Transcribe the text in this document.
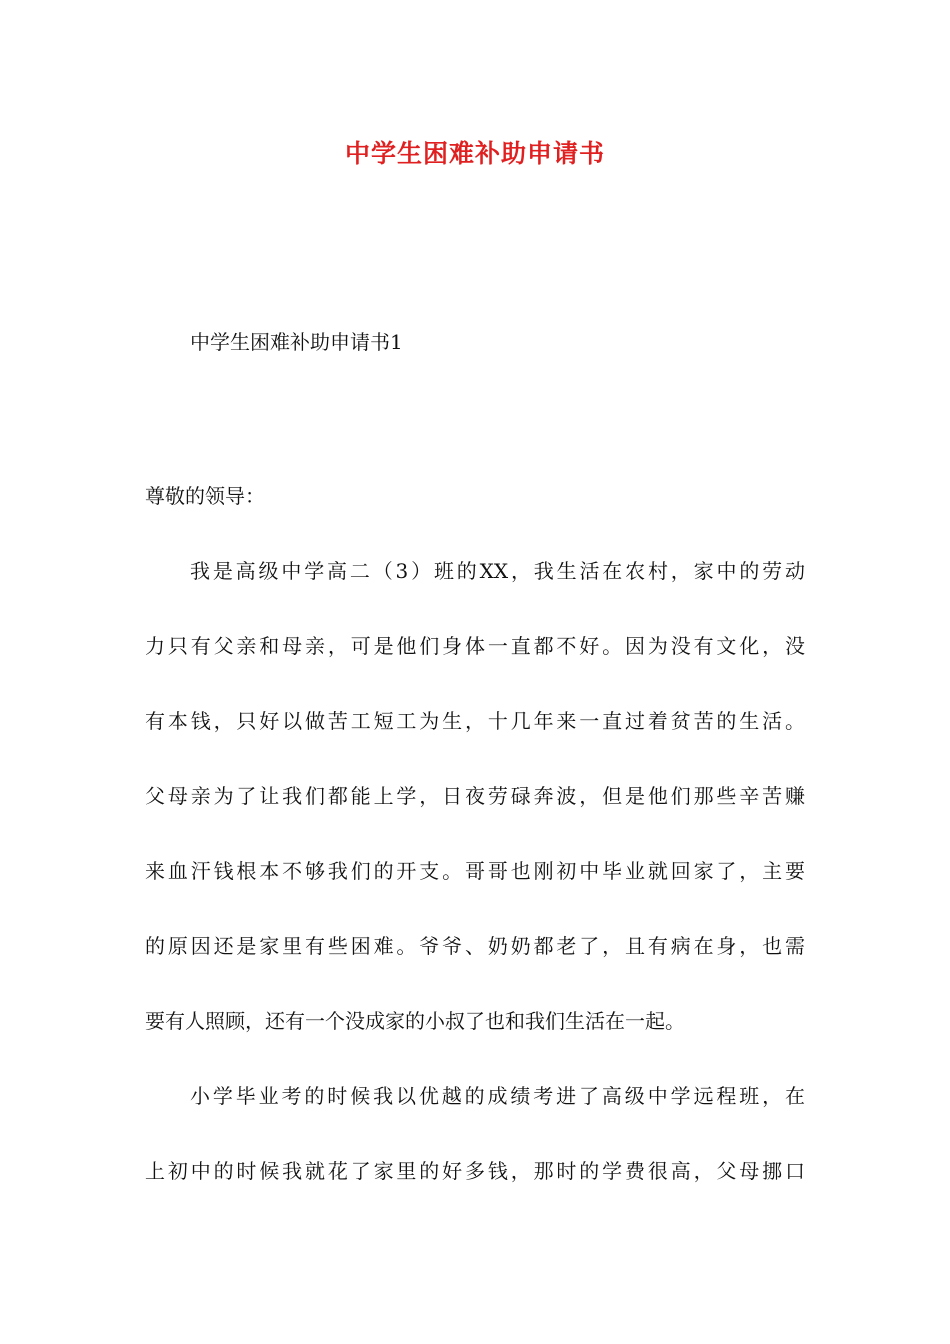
中学生困难补助申请书
中学生困难补助申请书1
尊敬的领导：
我是高级中学高二（3）班的XX，我生活在农村，家中的劳动
力只有父亲和母亲，可是他们身体一直都不好。因为没有文化，没
有本钱，只好以做苦工短工为生，十几年来一直过着贫苦的生活。
父母亲为了让我们都能上学，日夜劳碌奔波，但是他们那些辛苦赚
来血汗钱根本不够我们的开支。哥哥也刚初中毕业就回家了，主要
的原因还是家里有些困难。爷爷、奶奶都老了，且有病在身，也需
要有人照顾，还有一个没成家的小叔了也和我们生活在一起。
小学毕业考的时候我以优越的成绩考进了高级中学远程班，在
上初中的时候我就花了家里的好多钱，那时的学费很高，父母挪口
